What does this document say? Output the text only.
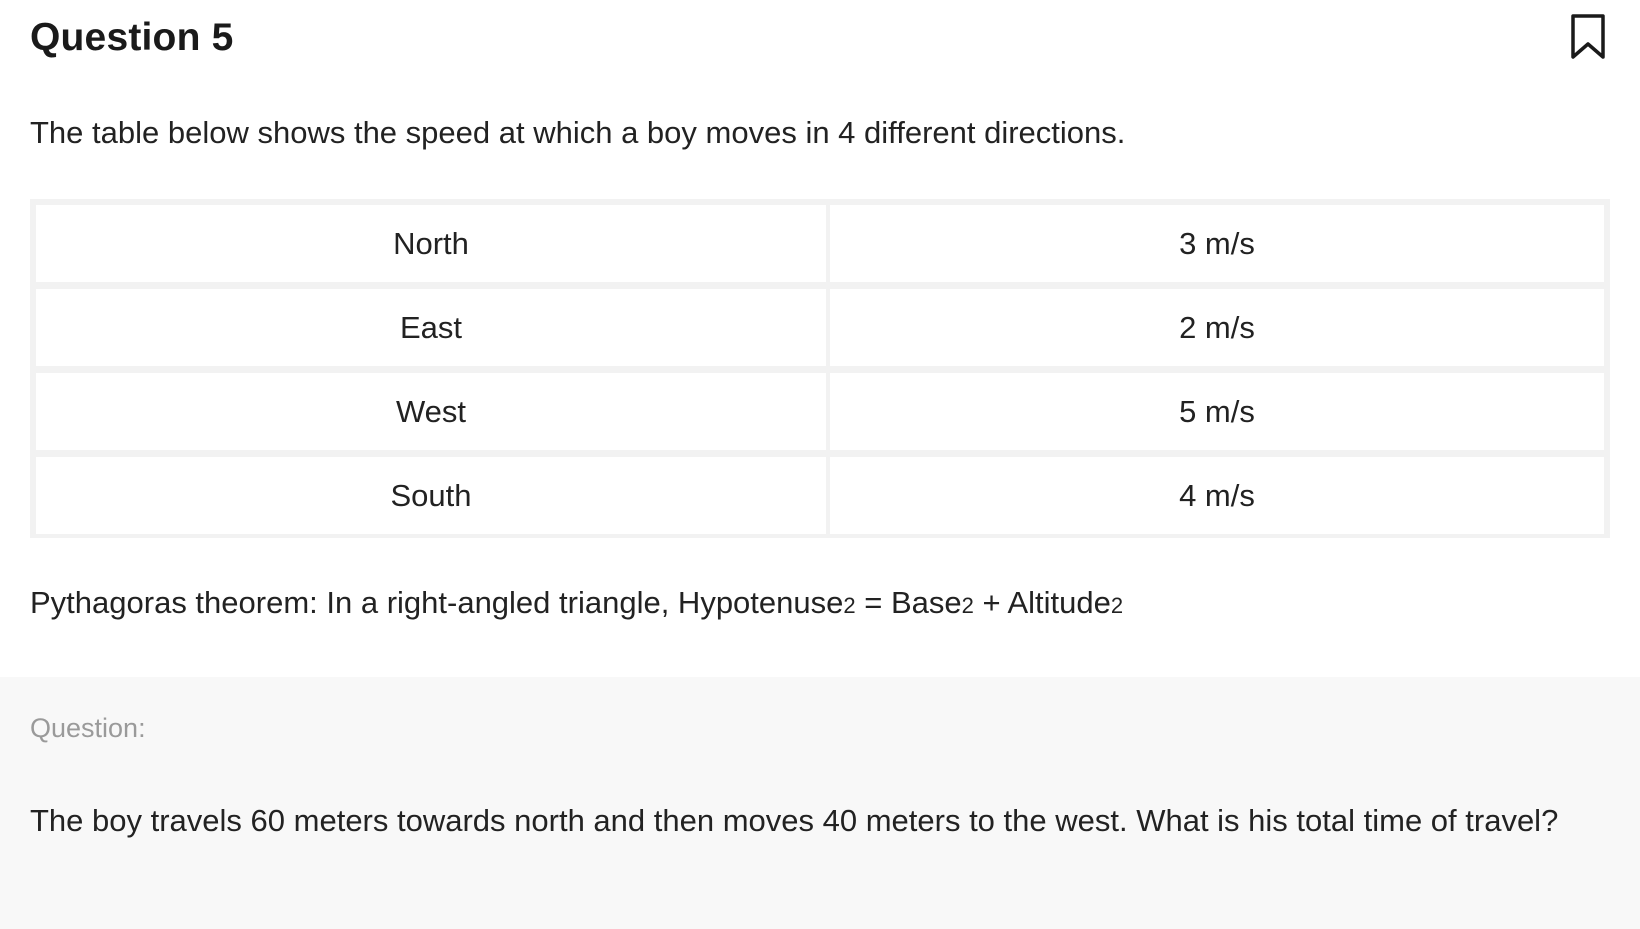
Question 5
The table below shows the speed at which a boy moves in 4 different directions.
North	3 m/s
East	2 m/s
West	5 m/s
South	4 m/s
Pythagoras theorem: In a right-angled triangle, Hypotenuse2 = Base2 + Altitude2
Question:
The boy travels 60 meters towards north and then moves 40 meters to the west. What is his total time of travel?
